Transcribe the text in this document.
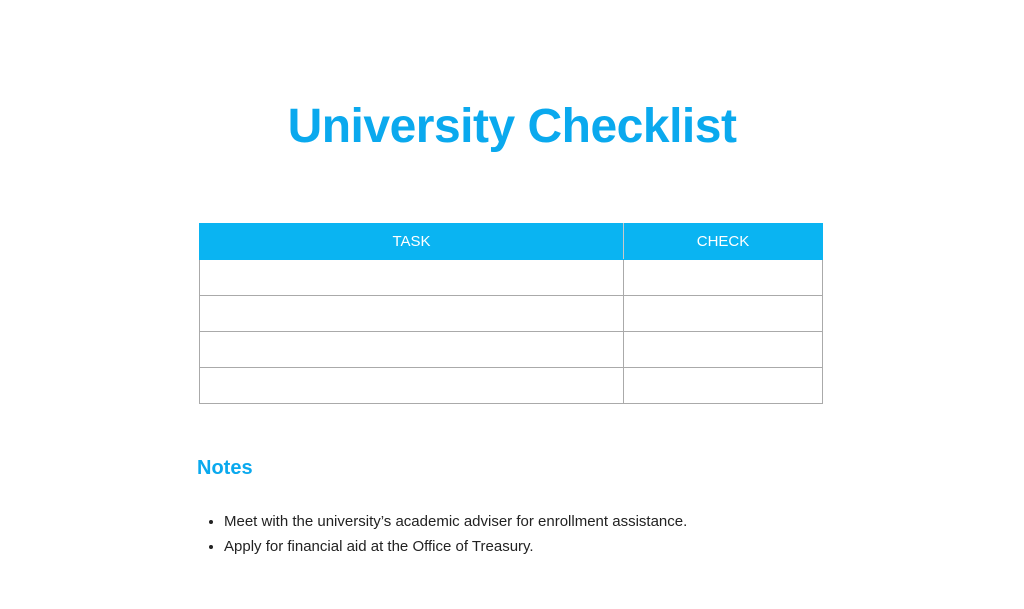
University Checklist
TASK	CHECK

Notes
• Meet with the university’s academic adviser for enrollment assistance.
• Apply for financial aid at the Office of Treasury.
